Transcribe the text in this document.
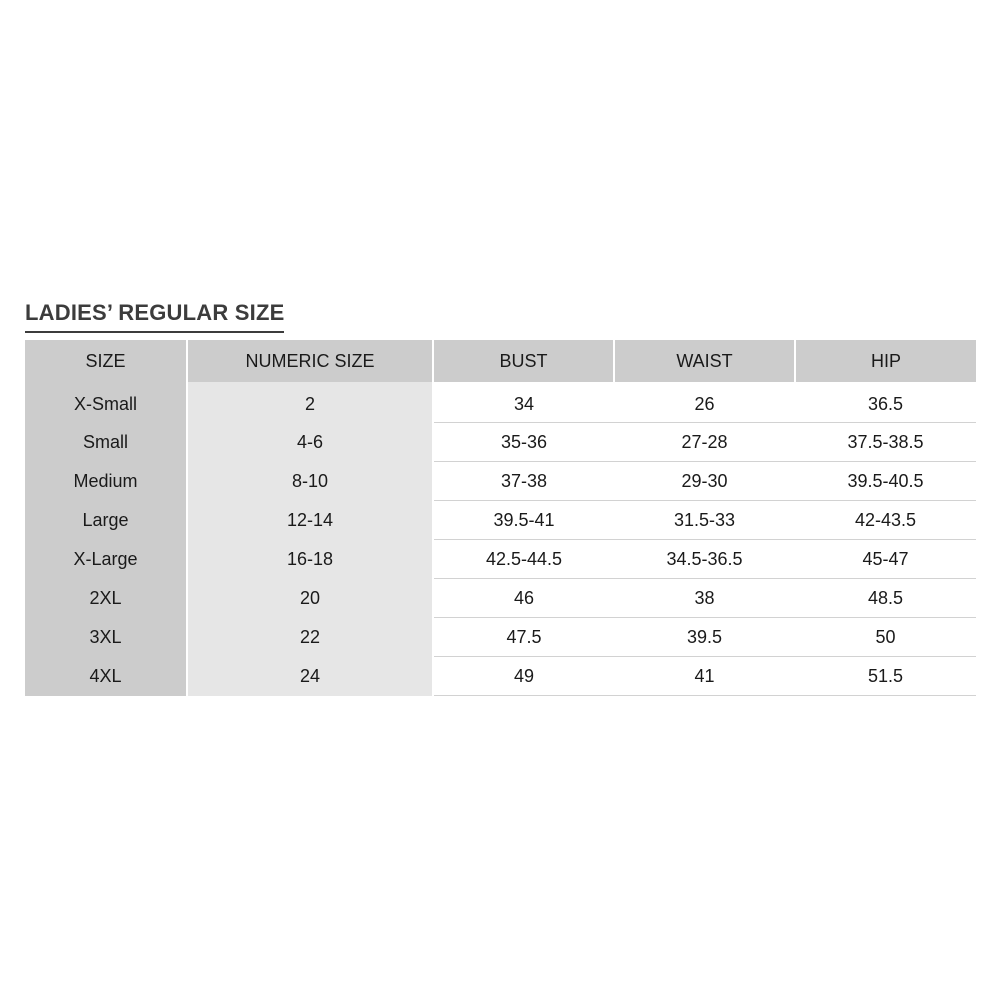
LADIES’ REGULAR SIZE
SIZE	NUMERIC SIZE	BUST	WAIST	HIP
X-Small	2	34	26	36.5
Small	4-6	35-36	27-28	37.5-38.5
Medium	8-10	37-38	29-30	39.5-40.5
Large	12-14	39.5-41	31.5-33	42-43.5
X-Large	16-18	42.5-44.5	34.5-36.5	45-47
2XL	20	46	38	48.5
3XL	22	47.5	39.5	50
4XL	24	49	41	51.5
